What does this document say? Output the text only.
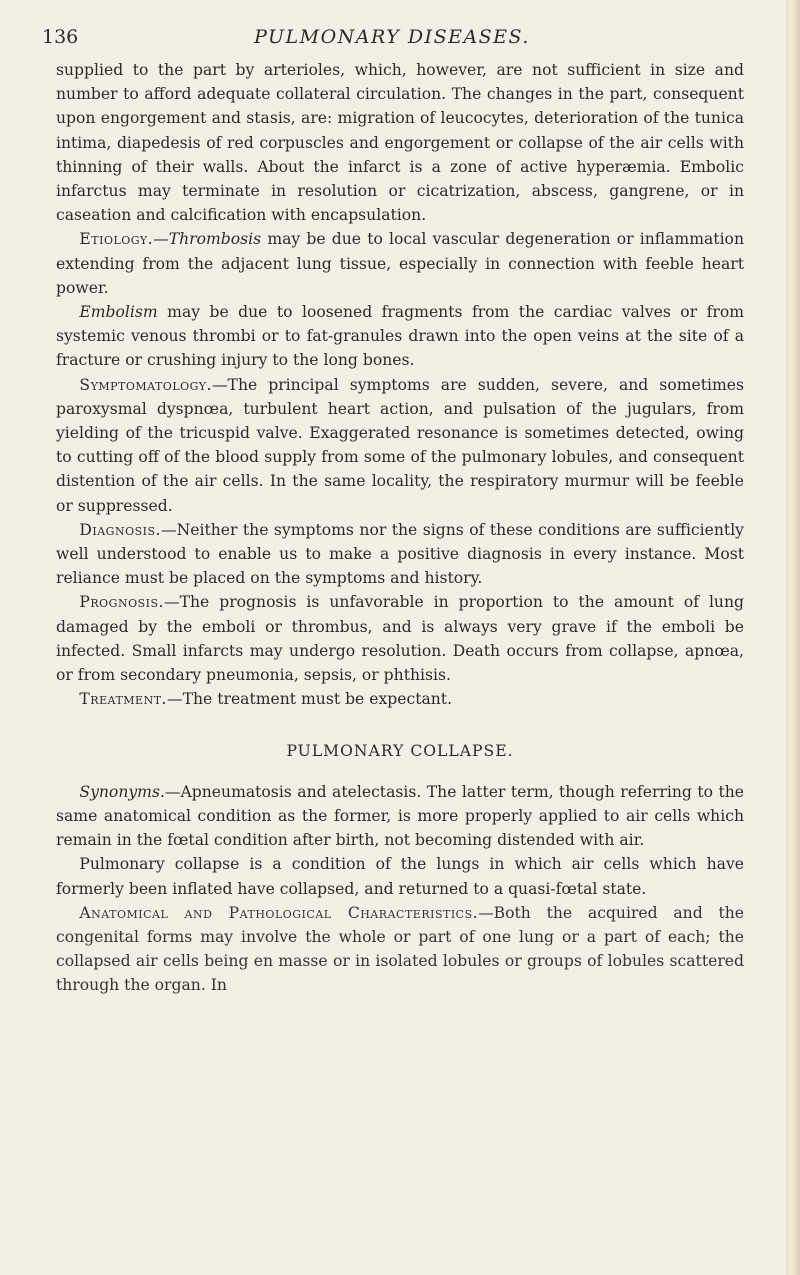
136	PULMONARY DISEASES.

supplied to the part by arterioles, which, however, are not sufficient in size and number to afford adequate collateral circulation. The changes in the part, consequent upon engorgement and stasis, are: migration of leucocytes, deterioration of the tunica intima, diapedesis of red corpuscles and engorgement or collapse of the air cells with thinning of their walls. About the infarct is a zone of active hyperæmia. Embolic infarctus may terminate in resolution or cicatrization, abscess, gangrene, or in caseation and calcification with encapsulation.

Etiology.—Thrombosis may be due to local vascular degeneration or inflammation extending from the adjacent lung tissue, especially in connection with feeble heart power.

Embolism may be due to loosened fragments from the cardiac valves or from systemic venous thrombi or to fat-granules drawn into the open veins at the site of a fracture or crushing injury to the long bones.

Symptomatology.—The principal symptoms are sudden, severe, and sometimes paroxysmal dyspnœa, turbulent heart action, and pulsation of the jugulars, from yielding of the tricuspid valve. Exaggerated resonance is sometimes detected, owing to cutting off of the blood supply from some of the pulmonary lobules, and consequent distention of the air cells. In the same locality, the respiratory murmur will be feeble or suppressed.

Diagnosis.—Neither the symptoms nor the signs of these conditions are sufficiently well understood to enable us to make a positive diagnosis in every instance. Most reliance must be placed on the symptoms and history.

Prognosis.—The prognosis is unfavorable in proportion to the amount of lung damaged by the emboli or thrombus, and is always very grave if the emboli be infected. Small infarcts may undergo resolution. Death occurs from collapse, apnœa, or from secondary pneumonia, sepsis, or phthisis.

Treatment.—The treatment must be expectant.

PULMONARY COLLAPSE.

Synonyms.—Apneumatosis and atelectasis. The latter term, though referring to the same anatomical condition as the former, is more properly applied to air cells which remain in the fœtal condition after birth, not becoming distended with air.

Pulmonary collapse is a condition of the lungs in which air cells which have formerly been inflated have collapsed, and returned to a quasi-fœtal state.

Anatomical and Pathological Characteristics.—Both the acquired and the congenital forms may involve the whole or part of one lung or a part of each; the collapsed air cells being en masse or in isolated lobules or groups of lobules scattered through the organ. In
